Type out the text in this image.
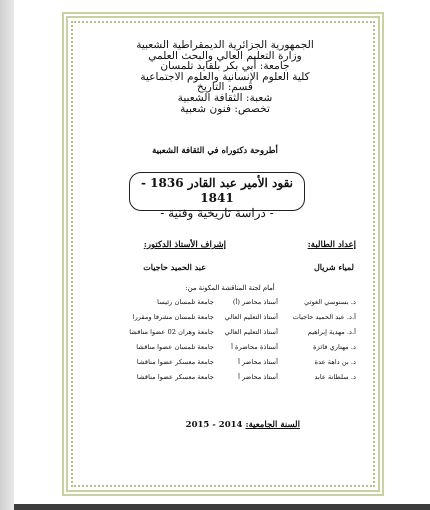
الجمهورية الجزائرية الديمقراطية الشعبية
وزارة التعليم العالي والبحث العلمي
جامعة: أبي بكر بلقايد تلمسان
كلية العلوم الإنسانية والعلوم الاجتماعية
قسم: التاريخ
شعبة: الثقافة الشعبية
تخصص: فنون شعبية
أطروحة دكتوراه في الثقافة الشعبية
نقود الأمير عبد القادر 1836 - 1841
- دراسة تاريخية وفنية -
إعداد الطالبة:
لمياء شريال
إشراف الأستاذ الدكتور:
عبد الحميد حاجيات
أمام لجنة المناقشة المكونة من:
د. بسنوسي الغوثي
أستاذ محاضر (أ)
جامعة تلمسان رئيسا
أ.د. عبد الحميد حاجيات
أستاذ التعليم العالي
جامعة تلمسان مشرفا ومقررا
أ.د. مهدية إبراهيم
أستاذ التعليم العالي
جامعة وهران 02 عضوا مناقشا
د. مهتاري فائزة
أستاذة محاضرة أ
جامعة تلمسان عضوا مناقشا
د. بن داهة عدة
أستاذ محاضر أ
جامعة معسكر عضوا مناقشا
د. سلطانة عابد
أستاذ محاضر أ
جامعة معسكر عضوا مناقشا
السنة الجامعية: 2014 - 2015
